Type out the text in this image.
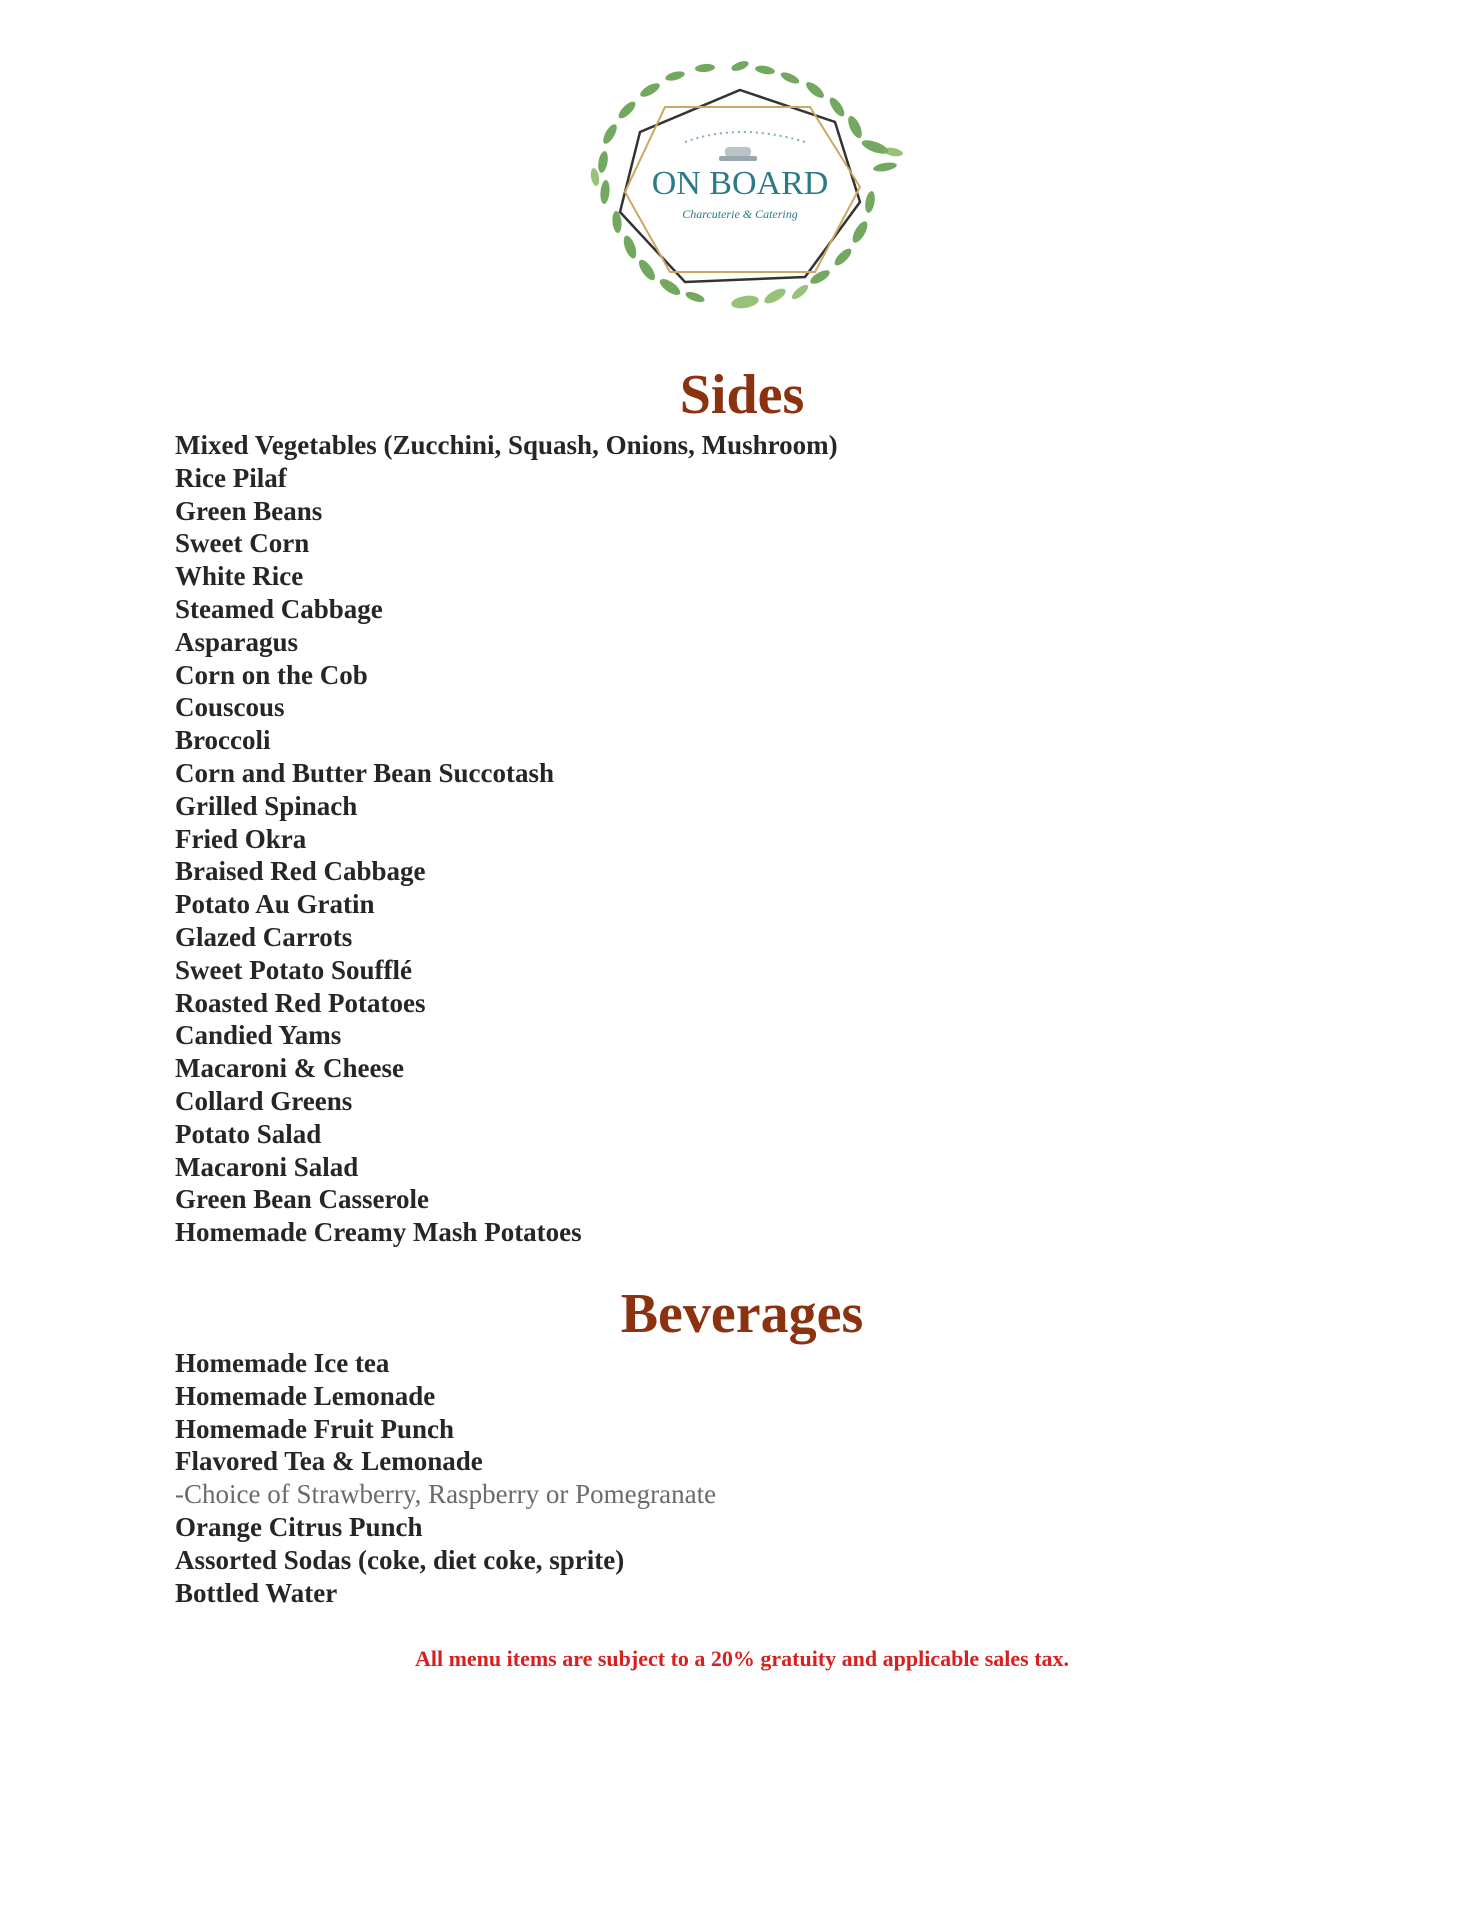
ON BOARD
Charcuterie & Catering
Sides
Mixed Vegetables (Zucchini, Squash, Onions, Mushroom)
Rice Pilaf
Green Beans
Sweet Corn
White Rice
Steamed Cabbage
Asparagus
Corn on the Cob
Couscous
Broccoli
Corn and Butter Bean Succotash
Grilled Spinach
Fried Okra
Braised Red Cabbage
Potato Au Gratin
Glazed Carrots
Sweet Potato Soufflé
Roasted Red Potatoes
Candied Yams
Macaroni & Cheese
Collard Greens
Potato Salad
Macaroni Salad
Green Bean Casserole
Homemade Creamy Mash Potatoes
Beverages
Homemade Ice tea
Homemade Lemonade
Homemade Fruit Punch
Flavored Tea & Lemonade
-Choice of Strawberry, Raspberry or Pomegranate
Orange Citrus Punch
Assorted Sodas (coke, diet coke, sprite)
Bottled Water

All menu items are subject to a 20% gratuity and applicable sales tax.
